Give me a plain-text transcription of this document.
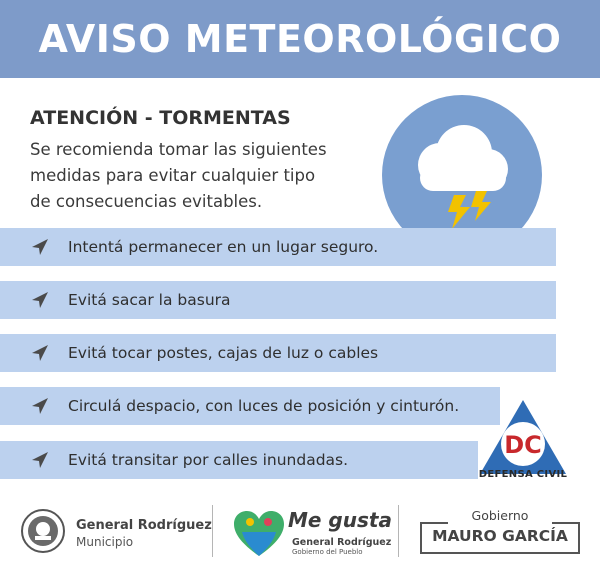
AVISO METEOROLÓGICO
ATENCIÓN - TORMENTAS
Se recomienda tomar las siguientes
medidas para evitar cualquier tipo
de consecuencias evitables.
Intentá permanecer en un lugar seguro.
Evitá sacar la basura
Evitá tocar postes, cajas de luz o cables
Circulá despacio, con luces de posición y cinturón.
Evitá transitar por calles inundadas.
DC
DEFENSA CIVIL
General Rodríguez
Municipio
Me gusta
General Rodríguez
Gobierno del Pueblo
Gobierno
MAURO GARCÍA
